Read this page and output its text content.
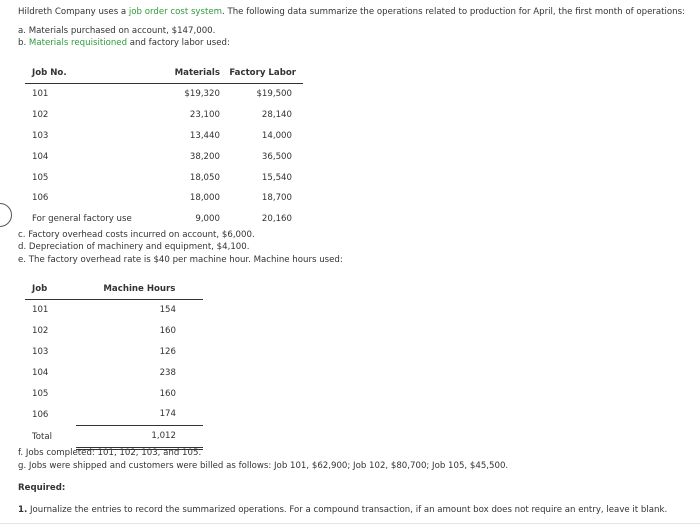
Hildreth Company uses a job order cost system. The following data summarize the operations related to production for April, the first month of operations:
a. Materials purchased on account, $147,000.
b. Materials requisitioned and factory labor used:
Job No.	Materials	Factory Labor
101	$19,320	$19,500
102	23,100	28,140
103	13,440	14,000
104	38,200	36,500
105	18,050	15,540
106	18,000	18,700
For general factory use	9,000	20,160
c. Factory overhead costs incurred on account, $6,000.
d. Depreciation of machinery and equipment, $4,100.
e. The factory overhead rate is $40 per machine hour. Machine hours used:
Job	Machine Hours
101	154
102	160
103	126
104	238
105	160
106	174
Total	1,012
f. Jobs completed: 101, 102, 103, and 105.
g. Jobs were shipped and customers were billed as follows: Job 101, $62,900; Job 102, $80,700; Job 105, $45,500.
Required:
1. Journalize the entries to record the summarized operations. For a compound transaction, if an amount box does not require an entry, leave it blank.
